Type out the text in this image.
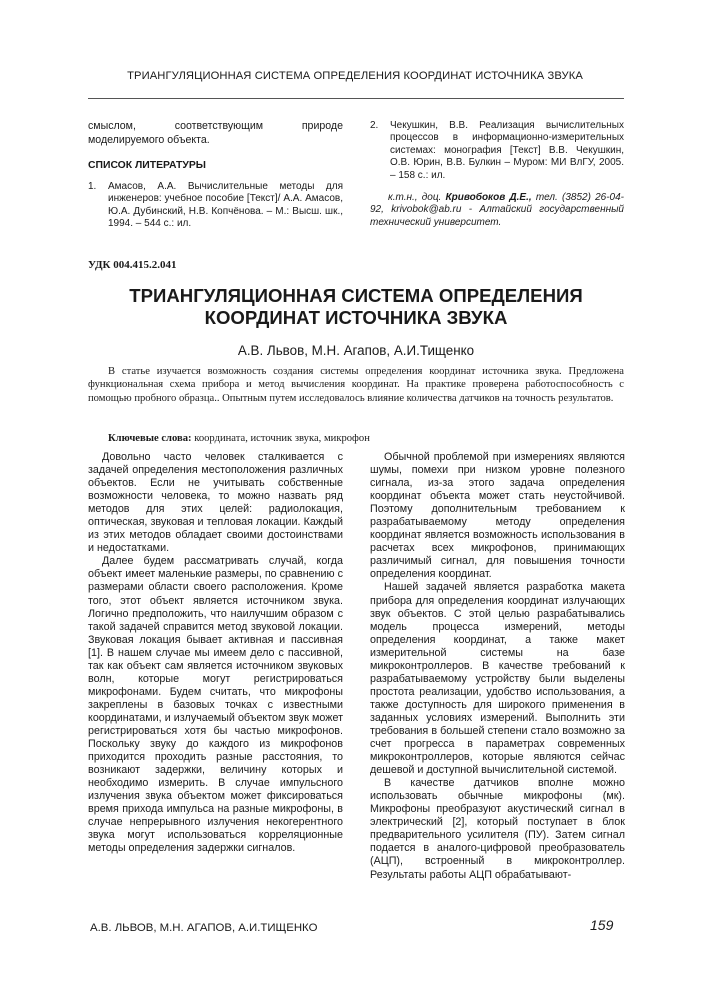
ТРИАНГУЛЯЦИОННАЯ СИСТЕМА ОПРЕДЕЛЕНИЯ КООРДИНАТ ИСТОЧНИКА ЗВУКА

смыслом, соответствующим природе моделируемого объекта.

СПИСОК ЛИТЕРАТУРЫ

1.	Амасов, А.А. Вычислительные методы для инженеров: учебное пособие [Текст]/ А.А. Амасов, Ю.А. Дубинский, Н.В. Копчёнова. – М.: Высш. шк., 1994. – 544 с.: ил.
2.	Чекушкин, В.В. Реализация вычислительных процессов в информационно-измерительных системах: монография [Текст] В.В. Чекушкин, О.В. Юрин, В.В. Булкин – Муром: МИ ВлГУ, 2005. – 158 с.: ил.

к.т.н., доц. Кривобоков Д.Е., тел. (3852) 26-04-92, krivobok@ab.ru - Алтайский государственный технический университет.

УДК 004.415.2.041
ТРИАНГУЛЯЦИОННАЯ СИСТЕМА ОПРЕДЕЛЕНИЯ КООРДИНАТ ИСТОЧНИКА ЗВУКА
А.В. Львов, М.Н. Агапов, А.И.Тищенко

В статье изучается возможность создания системы определения координат источника звука. Предложена функциональная схема прибора и метод вычисления координат. На практике проверена работоспособность с помощью пробного образца.. Опытным путем исследовалось влияние количества датчиков на точность результатов.

Ключевые слова: координата, источник звука, микрофон

Довольно часто человек сталкивается с задачей определения местоположения различных объектов. Если не учитывать собственные возможности человека, то можно назвать ряд методов для этих целей: радиолокация, оптическая, звуковая и тепловая локации. Каждый из этих методов обладает своими достоинствами и недостатками.

Далее будем рассматривать случай, когда объект имеет маленькие размеры, по сравнению с размерами области своего расположения. Кроме того, этот объект является источником звука. Логично предположить, что наилучшим образом с такой задачей справится метод звуковой локации. Звуковая локация бывает активная и пассивная [1]. В нашем случае мы имеем дело с пассивной, так как объект сам является источником звуковых волн, которые могут регистрироваться микрофонами. Будем считать, что микрофоны закреплены в базовых точках с известными координатами, и излучаемый объектом звук может регистрироваться хотя бы частью микрофонов. Поскольку звуку до каждого из микрофонов приходится проходить разные расстояния, то возникают задержки, величину которых и необходимо измерить. В случае импульсного излучения звука объектом может фиксироваться время прихода импульса на разные микрофоны, в случае непрерывного излучения некогерентного звука могут использоваться корреляционные методы определения задержки сигналов.

Обычной проблемой при измерениях являются шумы, помехи при низком уровне полезного сигнала, из-за этого задача определения координат объекта может стать неустойчивой. Поэтому дополнительным требованием к разрабатываемому методу определения координат является возможность использования в расчетах всех микрофонов, принимающих различимый сигнал, для повышения точности определения координат.

Нашей задачей является разработка макета прибора для определения координат излучающих звук объектов. С этой целью разрабатывались модель процесса измерений, методы определения координат, а также макет измерительной системы на базе микроконтроллеров. В качестве требований к разрабатываемому устройству были выделены простота реализации, удобство использования, а также доступность для широкого применения в заданных условиях измерений. Выполнить эти требования в большей степени стало возможно за счет прогресса в параметрах современных микроконтроллеров, которые являются сейчас дешевой и доступной вычислительной системой.

В качестве датчиков вполне можно использовать обычные микрофоны (мк). Микрофоны преобразуют акустический сигнал в электрический [2], который поступает в блок предварительного усилителя (ПУ). Затем сигнал подается в аналого-цифровой преобразователь (АЦП), встроенный в микроконтроллер. Результаты работы АЦП обрабатывают-

А.В. ЛЬВОВ, М.Н. АГАПОВ, А.И.ТИЩЕНКО	159
